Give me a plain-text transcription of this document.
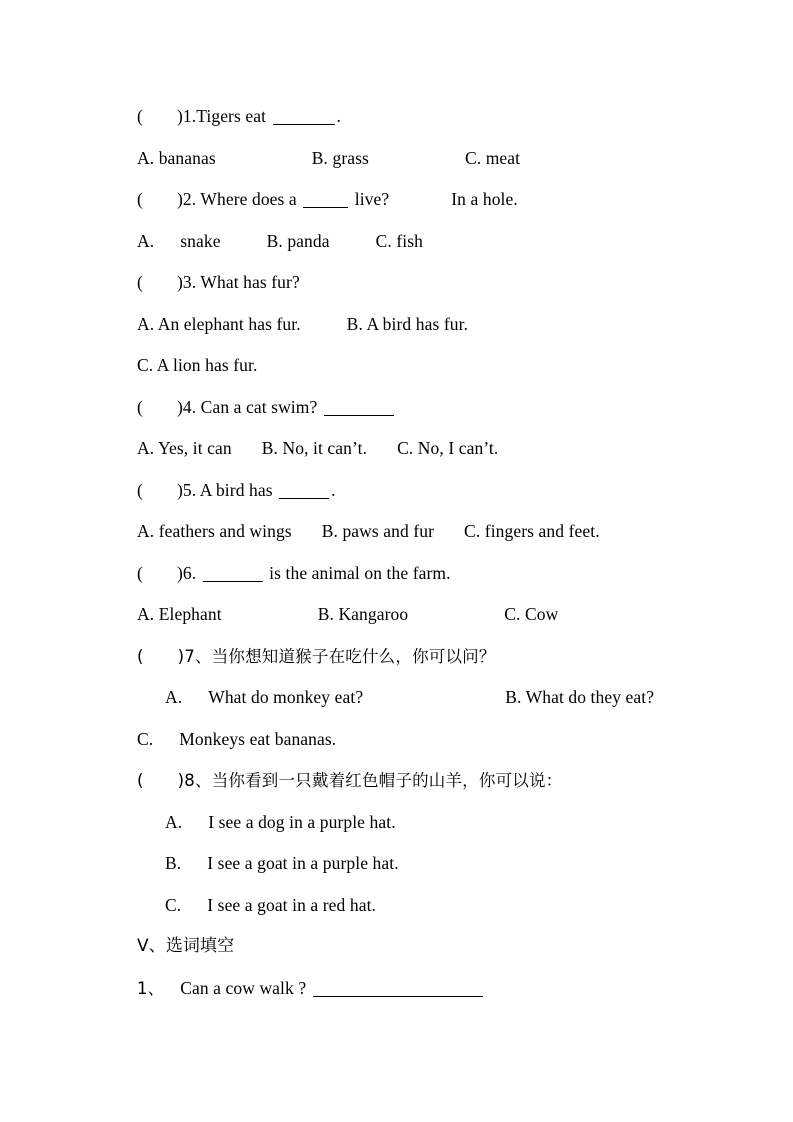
( )1.Tigers eat	.
A. bananas	B. grass	C. meat
( )2. Where does a	live?	In a hole.
A. snake	B. panda	C. fish
( )3. What has fur?
A. An elephant has fur.	B. A bird has fur.
C. A lion has fur.
( )4. Can a cat swim?
A. Yes, it can B. No, it can’t. C. No, I can’t.
( )5. A bird has	.
A. feathers and wings B. paws and fur C. fingers and feet.
( )6.	is the animal on the farm.
A. Elephant	B. Kangaroo	C. Cow
( )7、当你想知道猴子在吃什么，你可以问？
A. What do monkey eat?	B. What do they eat?
C. Monkeys eat bananas.
( )8、当你看到一只戴着红色帽子的山羊，你可以说：
A. I see a dog in a purple hat.
B. I see a goat in a purple hat.
C. I see a goat in a red hat.
V、选词填空
1、 Can a cow walk ?
